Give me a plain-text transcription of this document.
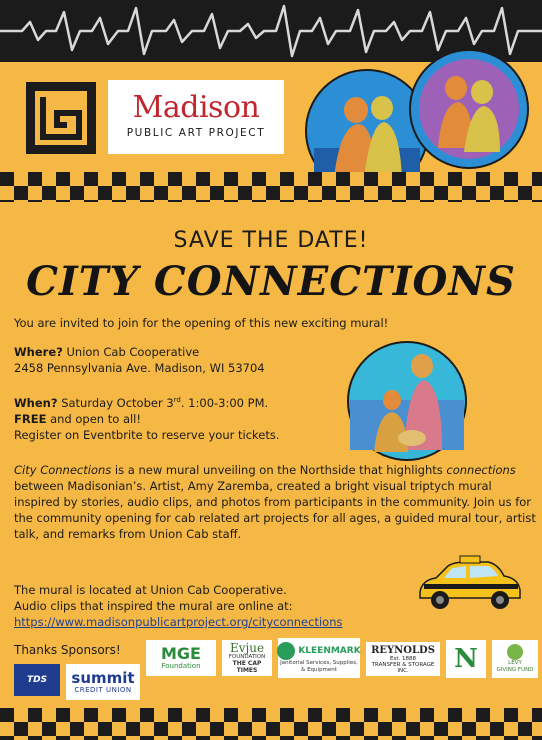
Madison
PUBLIC ART PROJECT
SAVE THE DATE!
CITY CONNECTIONS
You are invited to join for the opening of this new exciting mural!
Where? Union Cab Cooperative
2458 Pennsylvania Ave. Madison, WI 53704
When? Saturday October 3rd. 1:00-3:00 PM.
FREE and open to all!
Register on Eventbrite to reserve your tickets.
City Connections is a new mural unveiling on the Northside that highlights connections between Madisonian’s. Artist, Amy Zaremba, created a bright visual triptych mural inspired by stories, audio clips, and photos from participants in the community. Join us for the community opening for cab related art projects for all ages, a guided mural tour, artist talk, and remarks from Union Cab staff.
The mural is located at Union Cab Cooperative.
Audio clips that inspired the mural are online at:
https://www.madisonpublicartproject.org/cityconnections
Thanks Sponsors!
TDS summit
CREDIT UNION
MGE
Foundation
Evjue
FOUNDATION
THE CAP TIMES
KLEENMARK
Janitorial Services, Supplies, & Equipment
REYNOLDS
Est. 1888
TRANSFER & STORAGE
INC. N	LEVY
GIVING FUND
